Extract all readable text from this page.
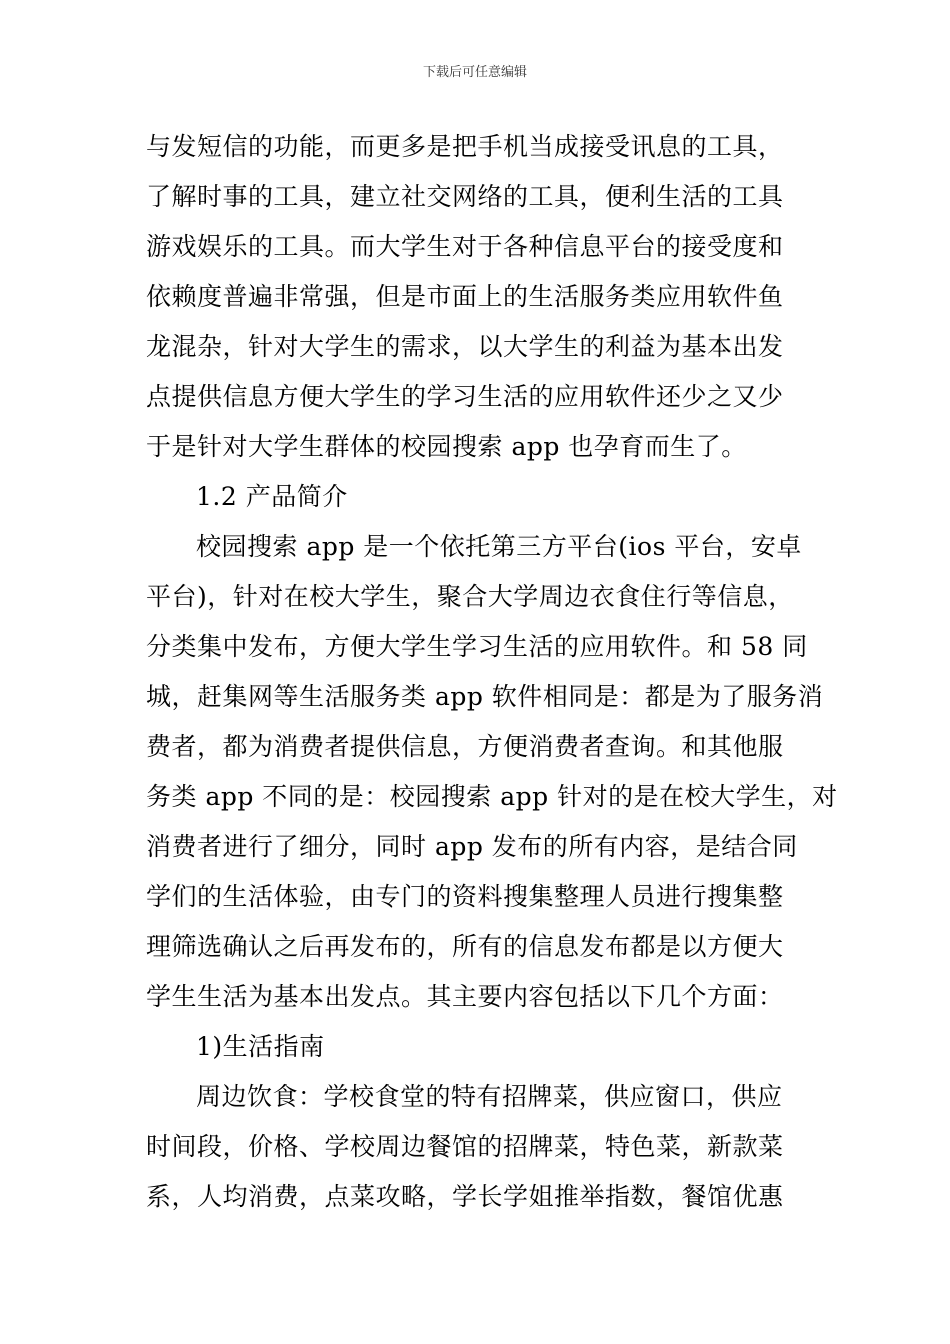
下载后可任意编辑
与发短信的功能，而更多是把手机当成接受讯息的工具，
了解时事的工具，建立社交网络的工具，便利生活的工具
游戏娱乐的工具。而大学生对于各种信息平台的接受度和
依赖度普遍非常强，但是市面上的生活服务类应用软件鱼
龙混杂，针对大学生的需求，以大学生的利益为基本出发
点提供信息方便大学生的学习生活的应用软件还少之又少
于是针对大学生群体的校园搜索 app 也孕育而生了。
1.2 产品简介
校园搜索 app 是一个依托第三方平台(ios 平台，安卓
平台)，针对在校大学生，聚合大学周边衣食住行等信息，
分类集中发布，方便大学生学习生活的应用软件。和 58 同
城，赶集网等生活服务类 app 软件相同是：都是为了服务消
费者，都为消费者提供信息，方便消费者查询。和其他服
务类 app 不同的是：校园搜索 app 针对的是在校大学生，对
消费者进行了细分，同时 app 发布的所有内容，是结合同
学们的生活体验，由专门的资料搜集整理人员进行搜集整
理筛选确认之后再发布的，所有的信息发布都是以方便大
学生生活为基本出发点。其主要内容包括以下几个方面：
1)生活指南
周边饮食：学校食堂的特有招牌菜，供应窗口，供应
时间段，价格、学校周边餐馆的招牌菜，特色菜，新款菜
系，人均消费，点菜攻略，学长学姐推举指数，餐馆优惠
